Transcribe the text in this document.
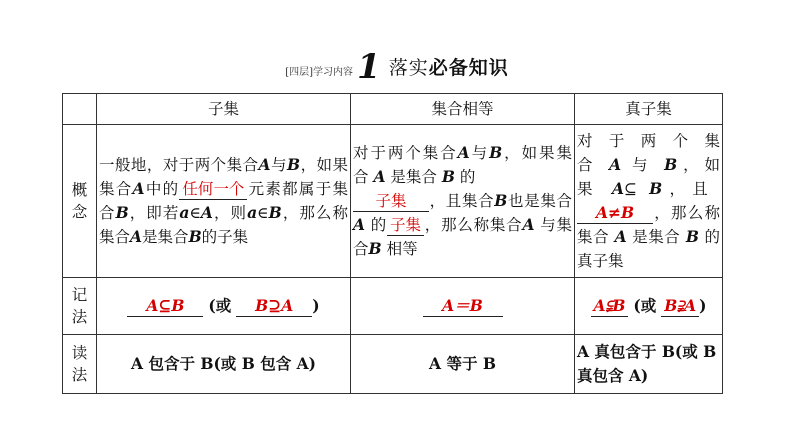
[四层]学习内容 1 落实必备知识
	子集	集合相等	真子集

概
念	一般地，对于两个集合A与B，如果集合A中的 任何一个 元素都属于集合B，即若a∈A，则a∈B，那么称集合A是集合B的子集	对于两个集合A与B，如果集合 A 是集合 B 的
子集 ，且集合B也是集合A 的 子集 ，那么称集合A 与集合B 相等	对于两个集合 A 与 B，如果 A⊆ B，且 A≠B ，那么称集合 A 是集合 B 的真子集

记
法	A⊆B (或 B⊇A )	A＝B	A⫋B (或 B⫌A )

读
法	A 包含于 B(或 B 包含 A)	A 等于 B	A 真包含于 B(或 B 真包含 A)
